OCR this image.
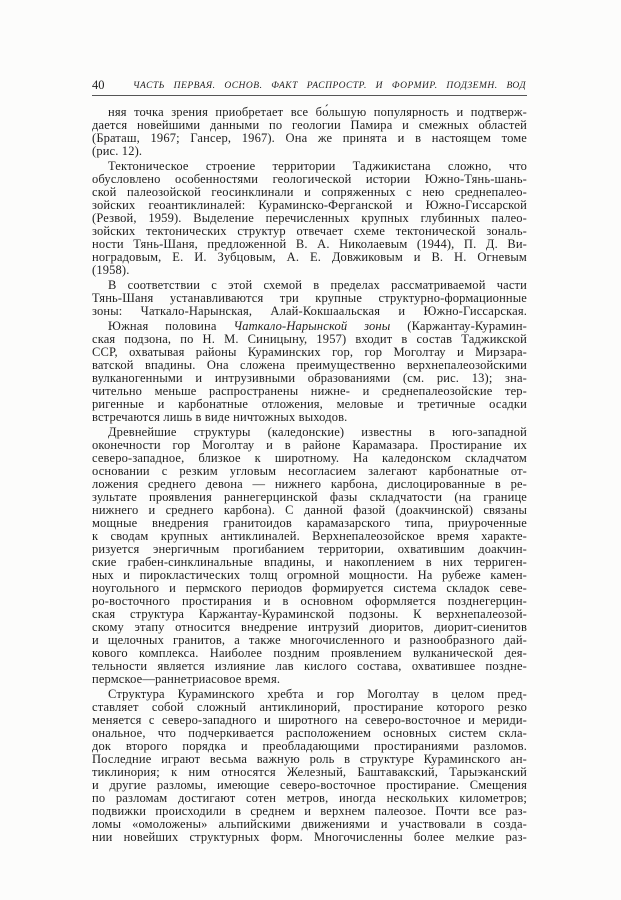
40	ЧАСТЬ ПЕРВАЯ. ОСНОВ. ФАКТ РАСПРОСТР. И ФОРМИР. ПОДЗЕМН. ВОД
няя точка зрения приобретает все бо́льшую популярность и подтверж-
дается новейшими данными по геологии Памира и смежных областей
(Браташ, 1967; Гансер, 1967). Она же принята и в настоящем томе
(рис. 12).
Тектоническое строение территории Таджикистана сложно, что
обусловлено особенностями геологической истории Южно-Тянь-шань-
ской палеозойской геосинклинали и сопряженных с нею среднепалео-
зойских геоантиклиналей: Кураминско-Ферганской и Южно-Гиссарской
(Резвой, 1959). Выделение перечисленных крупных глубинных палео-
зойских тектонических структур отвечает схеме тектонической зональ-
ности Тянь-Шаня, предложенной В. А. Николаевым (1944), П. Д. Ви-
ноградовым, Е. И. Зубцовым, А. Е. Довжиковым и В. Н. Огневым
(1958).
В соответствии с этой схемой в пределах рассматриваемой части
Тянь-Шаня устанавливаются три крупные структурно-формационные
зоны: Чаткало-Нарынская, Алай-Кокшаальская и Южно-Гиссарская.
Южная половина Чаткало-Нарынской зоны (Каржантау-Курамин-
ская подзона, по Н. М. Синицыну, 1957) входит в состав Таджикской
ССР, охватывая районы Кураминских гор, гор Моголтау и Мирзара-
ватской впадины. Она сложена преимущественно верхнепалеозойскими
вулканогенными и интрузивными образованиями (см. рис. 13); зна-
чительно меньше распространены нижне- и среднепалеозойские тер-
ригенные и карбонатные отложения, меловые и третичные осадки
встречаются лишь в виде ничтожных выходов.
Древнейшие структуры (каледонские) известны в юго-западной
оконечности гор Моголтау и в районе Карамазара. Простирание их
северо-западное, близкое к широтному. На каледонском складчатом
основании с резким угловым несогласием залегают карбонатные от-
ложения среднего девона — нижнего карбона, дислоцированные в ре-
зультате проявления раннегерцинской фазы складчатости (на границе
нижнего и среднего карбона). С данной фазой (доакчинской) связаны
мощные внедрения гранитоидов карамазарского типа, приуроченные
к сводам крупных антиклиналей. Верхнепалеозойское время характе-
ризуется энергичным прогибанием территории, охватившим доакчин-
ские грабен-синклинальные впадины, и накоплением в них терриген-
ных и пирокластических толщ огромной мощности. На рубеже камен-
ноугольного и пермского периодов формируется система складок севе-
ро-восточного простирания и в основном оформляется позднегерцин-
ская структура Каржантау-Кураминской подзоны. К верхнепалеозой-
скому этапу относится внедрение интрузий диоритов, диорит-сиенитов
и щелочных гранитов, а также многочисленного и разнообразного дай-
кового комплекса. Наиболее поздним проявлением вулканической дея-
тельности является излияние лав кислого состава, охватившее поздне-
пермское—раннетриасовое время.
Структура Кураминского хребта и гор Моголтау в целом пред-
ставляет собой сложный антиклинорий, простирание которого резко
меняется с северо-западного и широтного на северо-восточное и мериди-
ональное, что подчеркивается расположением основных систем скла-
док второго порядка и преобладающими простираниями разломов.
Последние играют весьма важную роль в структуре Кураминского ан-
тиклинория; к ним относятся Железный, Баштавакский, Тарыэканский
и другие разломы, имеющие северо-восточное простирание. Смещения
по разломам достигают сотен метров, иногда нескольких километров;
подвижки происходили в среднем и верхнем палеозое. Почти все раз-
ломы «омоложены» альпийскими движениями и участвовали в созда-
нии новейших структурных форм. Многочисленны более мелкие раз-
